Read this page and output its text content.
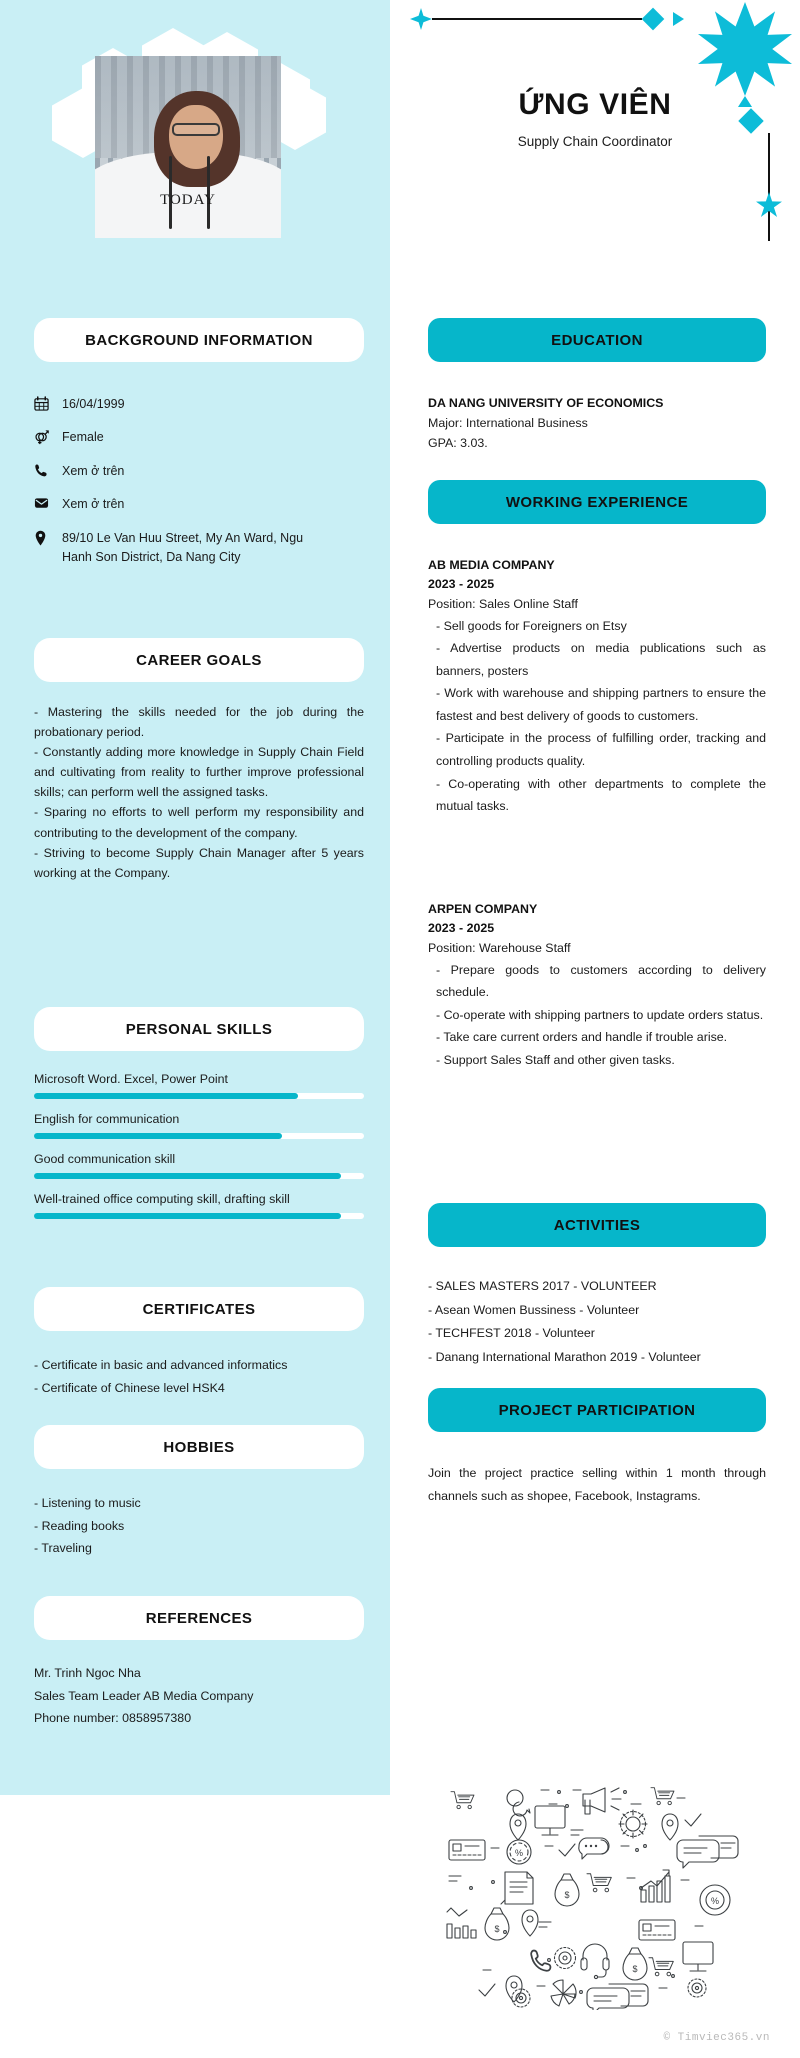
TODAY
BACKGROUND INFORMATION
16/04/1999
Female
Xem ở trên
Xem ở trên
89/10 Le Van Huu Street, My An Ward, Ngu Hanh Son District, Da Nang City
CAREER GOALS

- Mastering the skills needed for the job during the probationary period.

- Constantly adding more knowledge in Supply Chain Field and cultivating from reality to further improve professional skills; can perform well the assigned tasks.

- Sparing no efforts to well perform my responsibility and contributing to the development of the company.

- Striving to become Supply Chain Manager after 5 years working at the Company.

PERSONAL SKILLS
Microsoft Word. Excel, Power Point
English for communication
Good communication skill
Well-trained office computing skill, drafting skill
CERTIFICATES
- Certificate in basic and advanced informatics
- Certificate of Chinese level HSK4
HOBBIES
- Listening to music
- Reading books
- Traveling
REFERENCES
Mr. Trinh Ngoc Nha
Sales Team Leader AB Media Company
Phone number: 0858957380
ỨNG VIÊN
Supply Chain Coordinator
EDUCATION
DA NANG UNIVERSITY OF ECONOMICS
Major: International Business
GPA: 3.03.
WORKING EXPERIENCE
AB MEDIA COMPANY
2023 - 2025
Position: Sales Online Staff
- Sell goods for Foreigners on Etsy
- Advertise products on media publications such as banners, posters
- Work with warehouse and shipping partners to ensure the fastest and best delivery of goods to customers.
- Participate in the process of fulfilling order, tracking and controlling products quality.
- Co-operating with other departments to complete the mutual tasks.
ARPEN COMPANY
2023 - 2025
Position: Warehouse Staff
- Prepare goods to customers according to delivery schedule.
- Co-operate with shipping partners to update orders status.
- Take care current orders and handle if trouble arise.
- Support Sales Staff and other given tasks.
ACTIVITIES
- SALES MASTERS 2017 - VOLUNTEER
- Asean Women Bussiness - Volunteer
- TECHFEST 2018 - Volunteer
- Danang International Marathon 2019 - Volunteer
PROJECT PARTICIPATION

Join the project practice selling within 1 month through channels such as shopee, Facebook, Instagrams.

%
$
%
$
$
© Timviec365.vn
